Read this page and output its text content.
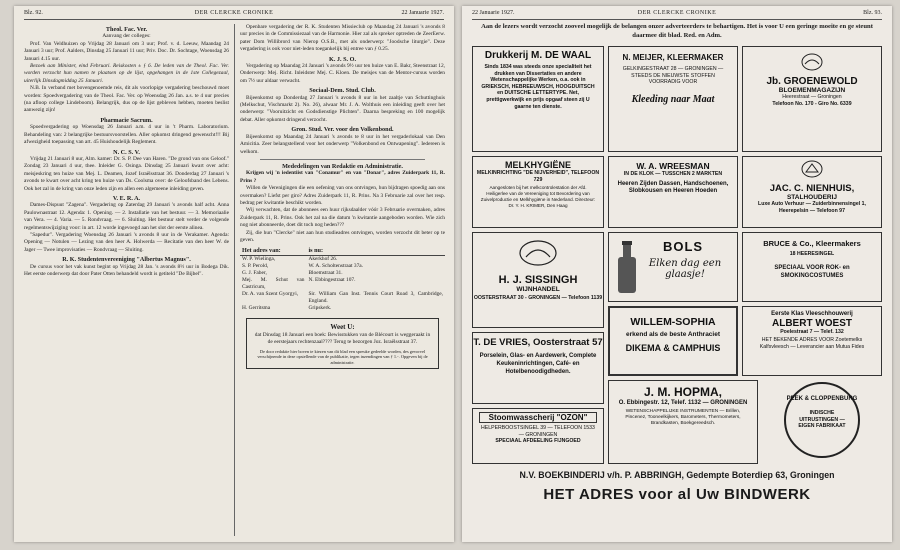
Blz. 92.	DER CLERCKE CRONIKE	22 Januarie 1927.

Theol. Fac. Ver.

Aanvang der colleges:

Prof. Van Veldhuizen op Vrijdag 28 Januari om 3 uur; Prof. v. d. Leeuw, Maandag 24 Januari 3 uur; Prof. Aalders, Dinsdag 25 Januari 11 uur; Priv. Doc. Dr. Sochtage, Woensdag 26 Januari 4.15 uur.

Bezoek aan Minister, eind Februari. Reiskosten ± ƒ 6. De leden van de Theol. Fac. Ver. worden verzocht hun namen te plaatsen op de lijst, opgehangen in de 1ste Collegezaal, uiterlijk Dinsdagmiddag 25 Januari.

N.B. In verband met bovengenoemde reis, dit als voorlopige vergadering beschouwd moet worden: Spoedvergadering van de Theol. Fac. Ver. op Woensdag 26 Jan. a.s. te 4 uur precies (na afloop college Lindeboom). Belangrijk, dus op de lijst gebleven hebben, moeten beslist aanwezig zijn!

Pharmacie Sacrum.

Spoedvergadering op Woensdag 26 Januari a.m. 4 uur in 't Pharm. Laboratorium. Behandeling van: 2 belangrijke bestuursvoorstellen. Aller opkomst dringend gewenscht!!! Bij afwezigheid toepassing van art. 45 Huishoudelijk Reglement.

N. C. S. V.

Vrijdag 21 Januari 8 uur, Alm. kamer: Dr. S. P. Dee van Haren. "De grond van ons Geloof." Zondag 23 Januari 4 uur, thee. Inleider G. Osinga. Dinsdag 25 Januari kwart over acht: meisjeskring ten huize van Mej. L. Deamen, Jozef Israëlsstraat 36. Donderdag 27 Januari 's avonds te kwart over acht kring ten huize van Ds. Coolsma over: de Geloofsband des Lebens. Ook het zal in de kring van onze leden zijn en allen een algemeene inleiding geven.

V. E. R. A.

Dames-Dispuut "Zagena". Vergadering op Zaterdag 29 Januari 's avonds half acht. Anna Paulownastraat 12. Agenda: 1. Opening. — 2. Installatie van het bestuur. — 3. Memoriaalie van Vera. — 4. Varia. — 5. Rondvraag. — 6. Sluiting. Het bestuur stelt verder de volgende regelmentswijziging voor: in art. 12 worde ingevoegd aan het slot der eerste alinea.

"Sapedur". Vergadering Woensdag 26 Januari 's avonds 8 uur in de Verakamer. Agenda: Opening — Notulen — Lezing van den heer A. Holwerda — Recitatie van den heer W. de Jager — Twee improvisaties — Rondvraag — Sluiting.

R. K. Studentenvereeniging "Albertus Magnus".

De cursus voor het vak kunst begint op Vrijdag 28 Jan. 's avonds 8½ uur in Bodega Dik. Het eerste onderwerp dat door Pater Otten behandeld wordt is getiteld "De Bijbel".

Openbare vergadering der R. K. Studenten Missieclub op Maandag 24 Januari 's avonds 8 uur precies in de Commissiezaal van de Harmonie. Hier zal als spreker optreden de ZeerEerw. pater Dom Willibrord van Nierop O.S.B., met als onderwerp: "Joodsche liturgie". Deze vergadering is ook voor niet-leden toegankelijk bij entree van ƒ 0.25.

K. J. S. O.

Vergadering op Maandag 24 Januari 's avonds 9½ uur ten huize van E. Bakr, Steenstraat 12, Onderwerp: Mej. Richt. Inleidster Mej. C. Kloen. De meisjes van de Mentor-cursus worden om 7½ uur aldaar verwacht.

Sociaal-Dem. Stud. Club.

Bijeenkomst op Donderdag 27 Januari 's avonds 8 uur in het zaaltje van Schuttinghuis (Melkschut, Vischmarkt 2). No. 26), alwaar Mr. J. A. Wolthuis een inleiding geeft over het onderwerp: "Vooruitzicht en Godsdienstige Plichten". Daarna bespreking en 100 mogelijk debat. Aller opkomst dringend verzocht.

Gron. Stud. Ver. voor den Volkenbond.

Bijeenkomst op Maandag 24 Januari 's avonds te 8 uur in het vergaderlokaal van Den Amicitia. Zeer belangstellend voor het onderwerp "Volkenbond en Ontwapening". Iedereen is welkom.

Mededelingen van Redaktie en Administratie.

Krijgen wij 'n iedentiist van "Conamur" en van "Donar", adres Zuiderpark 11, R. Prins ?

Willen de Verenigingen die een oefening van ons ontvingen, hun bijdragen spoedig aan ons overmaken? Liefst per giro? Adres Zuiderpark 11, R. Prins. Na 3 Februarie zal over het resp. bedrag per kwitantie beschikt worden.

Wij verwachten, dat de abonnees een huur rijksdaalder vóór 3 Februarie overmaken, adres Zuiderpark 11, R. Prins. Ook het zal na die datum 'n kwitantie aangeboden worden. Wie zich nog niet abonneerde, doet dit toch nog heden???

Zij, die hun "Clercke" niet aan hun studieadres ontvingen, worden verzocht dit beter op te geven.

Het adres van:	is nu:
W. P. Wielinga,	Akerkhof 26.
S. P. Perold,	W. A. Scholtenstraat 37a.
G. J. Faber,	Bloemstraat 31.
Mej. M. Schut van Castricum,	N. Ebbingestraat 107.
Dr. A. van Szent Gyorgyi,	Sir. William Gan Inst. Tennis Court Road 3, Cambridge, England.
H. Gerritsma	Gripskerk.

Weet U:

dat Dinsdag 18 Januari een boek: Bewisstukken van de Blécourt is weggeraakt in de eerstejaars rechtenzaal???? Terug te bezorgen Joz. Israëlsstraat 37.

De door redaktie hier boven te kiezen van dit blad een spreuke gedeelde worden, des gevorvel verschijnende in deze opstellende van de publikatie, tegen inzendingen van ƒ 1.-. Opgeven bij de administratie.

22 Januarie 1927.	DER CLERCKE CRONIKE	Blz. 93.

Aan de lezers wordt verzocht zooveel mogelijk de belangen onzer adverteerders te behartigen. Het is voor U een geringe moeite en ge steunt daarmee dit blad. Red. en Adm.

Drukkerij M. DE WAAL
Sinds 1834 was steeds onze specialiteit het drukken van Dissertaties en andere Wetenschappelijke Werken, o.a. ook in GRIEKSCH, HEBREEUWSCH, HOOGDUITSCH en DUITSCHE LETTERTYPE. Net, prettigwerkwijk en prijs opgaaf steen zij U gaarne ten dienste.
N. MEIJER, KLEERMAKER
GELKINGESTRAAT 28 — GRONINGEN — STEEDS DE NIEUWSTE STOFFEN VOORRADIG VOOR
Kleeding naar Maat
Jb. GROENEWOLD
BLOEMENMAGAZIJN
Heerestraat — Groningen
Telefoon No. 170 - Giro No. 6339
MELKHYGIËNE
MELKINRICHTING "DE NIJVERHEID", TELEFOON 729
Aangesloten bij het melkcontrolestation der Afd. Heiligerlee van de Vereeniging tot Bevordering van Zuivelproductie en Melkhygiëne in Nederland. Directeur: Dr. Y. H. KRIMER, Den Haag
W. A. WREESMAN
IN DE KLOK — TUSSCHEN 2 MARKTEN
Heeren Zijden Dassen, Handschoenen, Slobkousen en Heeren Hoeden	JAC. C. NIENHUIS,
STALHOUDERIJ
Luxe Auto Verhuur — Zuiderbinnensingel 1, Heerepelsin — Telefoon 97
H. J. SISSINGH
WIJNHANDEL
OOSTERSTRAAT 30 - GRONINGEN — Telefoon 1139
BOLS
Elken dag een glaasje!
BRUCE & Co., Kleermakers
18 HEERESINGEL
SPECIAAL VOOR ROK- en SMOKINGCOSTUMES
T. DE VRIES, Oosterstraat 57
Porselein, Glas- en Aardewerk, Complete Keukeninrichtingen, Café- en Hotelbenoodigdheden.
WILLEM-SOPHIA
erkend als de beste Anthraciet
DIKEMA & CAMPHUIS
Eerste Klas Vleeschhouwerij
ALBERT WOEST
Poelestraat 7 — Telef. 132
HET BEKENDE ADRES VOOR Zoetemelks Kalfsvleesch — Leverancier aan Mutua Fides
Stoomwasscherij "OZON"
HELPERBOOSTSINGEL 39 — TELEFOON 1533 — GRONINGEN
SPECIAAL AFDEELING FIJNGOED
J. M. HOPMA,
O. Ebbingestr. 12, Telef. 1132 — GRONINGEN
WETENSCHAPPELIJKE INSTRUMENTEN — Brillen, Pincenez, Tooneelkijkers, Barometers, Thermometers, Brandkasten, Boekgereedsch.
PEEK & CLOPPENBURG
INDISCHE UITRUSTINGEN — EIGEN FABRIKAAT
N.V. BOEKBINDERIJ v/h. P. ABBRINGH, Gedempte Boterdiep 63, Groningen
HET ADRES voor al Uw BINDWERK
